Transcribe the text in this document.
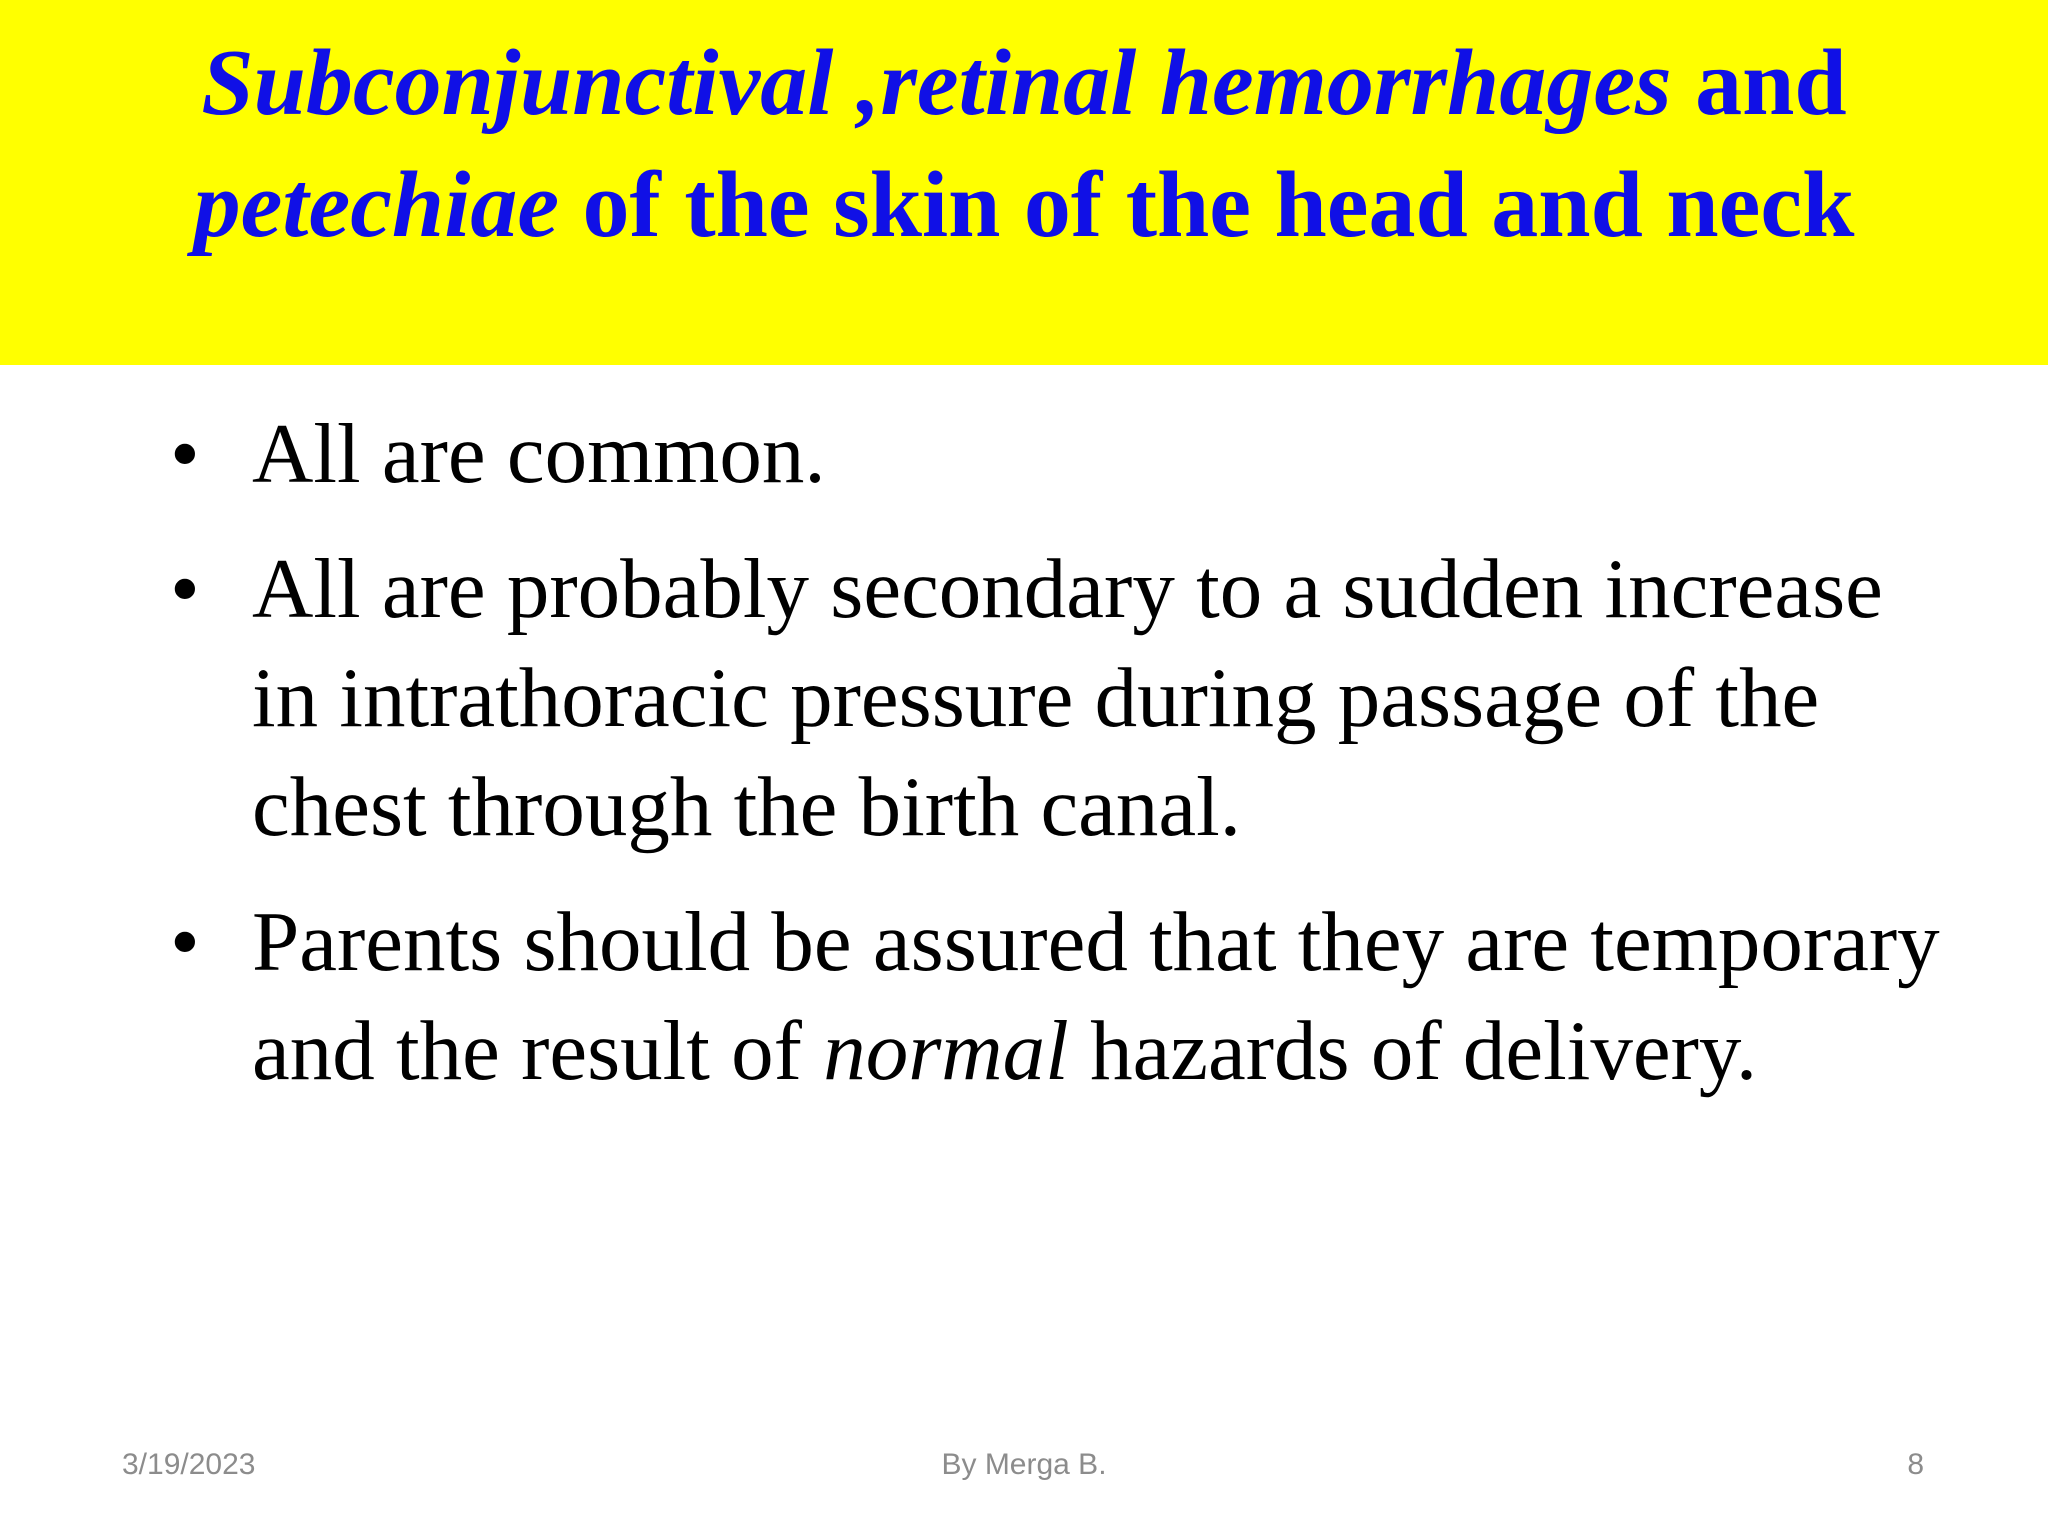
Subconjunctival ,retinal hemorrhages and
petechiae of the skin of the head and neck
• All are common.
• All are probably secondary to a sudden increase in intrathoracic pressure during passage of the chest through the birth canal.
• Parents should be assured that they are temporary and the result of normal hazards of delivery.
3/19/2023	By Merga B.	8
